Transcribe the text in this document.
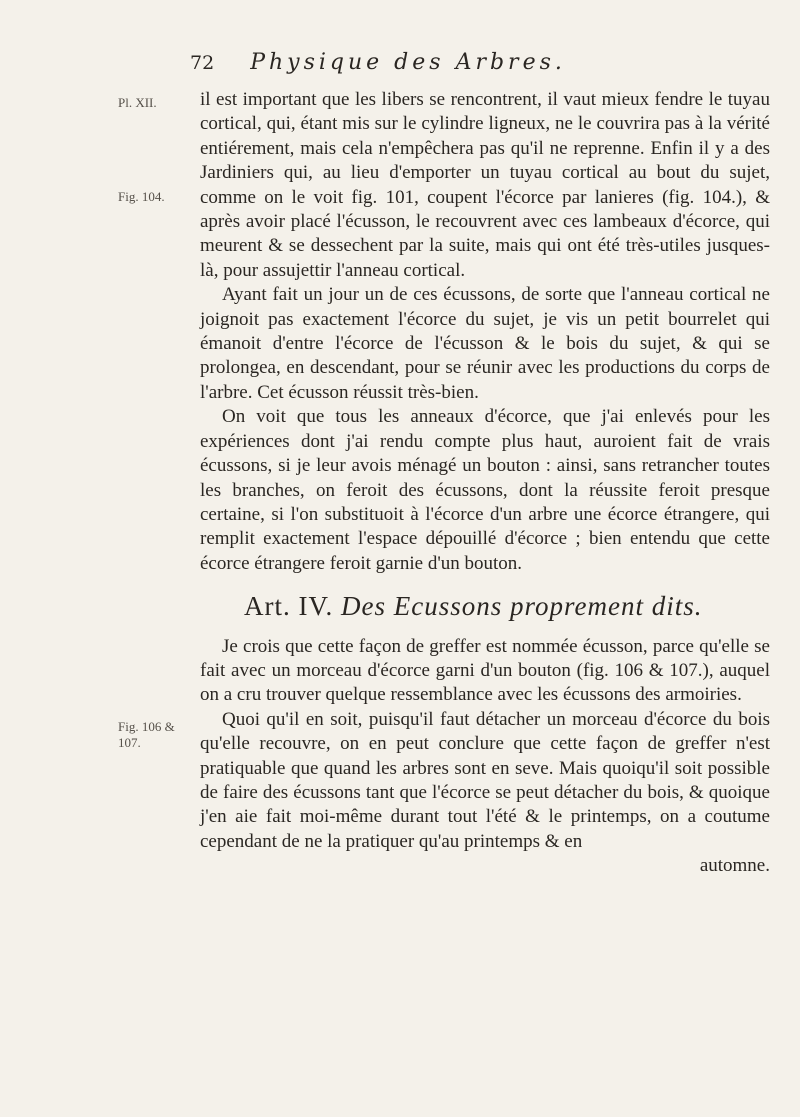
72 Physique des Arbres.
Pl. XII.
Fig. 104.
Fig. 106 &
107.

il est important que les libers se rencontrent, il vaut mieux fendre le tuyau cortical, qui, étant mis sur le cylindre ligneux, ne le couvrira pas à la vérité entiérement, mais cela n'empêchera pas qu'il ne reprenne. Enfin il y a des Jardiniers qui, au lieu d'emporter un tuyau cortical au bout du sujet, comme on le voit fig. 101, coupent l'écorce par lanieres (fig. 104.), & après avoir placé l'écusson, le recouvrent avec ces lambeaux d'écorce, qui meurent & se dessechent par la suite, mais qui ont été très-utiles jusques-là, pour assujettir l'anneau cortical.

Ayant fait un jour un de ces écussons, de sorte que l'anneau cortical ne joignoit pas exactement l'écorce du sujet, je vis un petit bourrelet qui émanoit d'entre l'écorce de l'écusson & le bois du sujet, & qui se prolongea, en descendant, pour se réunir avec les productions du corps de l'arbre. Cet écusson réussit très-bien.

On voit que tous les anneaux d'écorce, que j'ai enlevés pour les expériences dont j'ai rendu compte plus haut, auroient fait de vrais écussons, si je leur avois ménagé un bouton : ainsi, sans retrancher toutes les branches, on feroit des écussons, dont la réussite feroit presque certaine, si l'on substituoit à l'écorce d'un arbre une écorce étrangere, qui remplit exactement l'espace dépouillé d'écorce ; bien entendu que cette écorce étrangere feroit garnie d'un bouton.

Art. IV. Des Ecussons proprement dits.

Je crois que cette façon de greffer est nommée écusson, parce qu'elle se fait avec un morceau d'écorce garni d'un bouton (fig. 106 & 107.), auquel on a cru trouver quelque ressemblance avec les écussons des armoiries.

Quoi qu'il en soit, puisqu'il faut détacher un morceau d'écorce du bois qu'elle recouvre, on en peut conclure que cette façon de greffer n'est pratiquable que quand les arbres sont en seve. Mais quoiqu'il soit possible de faire des écussons tant que l'écorce se peut détacher du bois, & quoique j'en aie fait moi-même durant tout l'été & le printemps, on a coutume cependant de ne la pratiquer qu'au printemps & en

automne.
